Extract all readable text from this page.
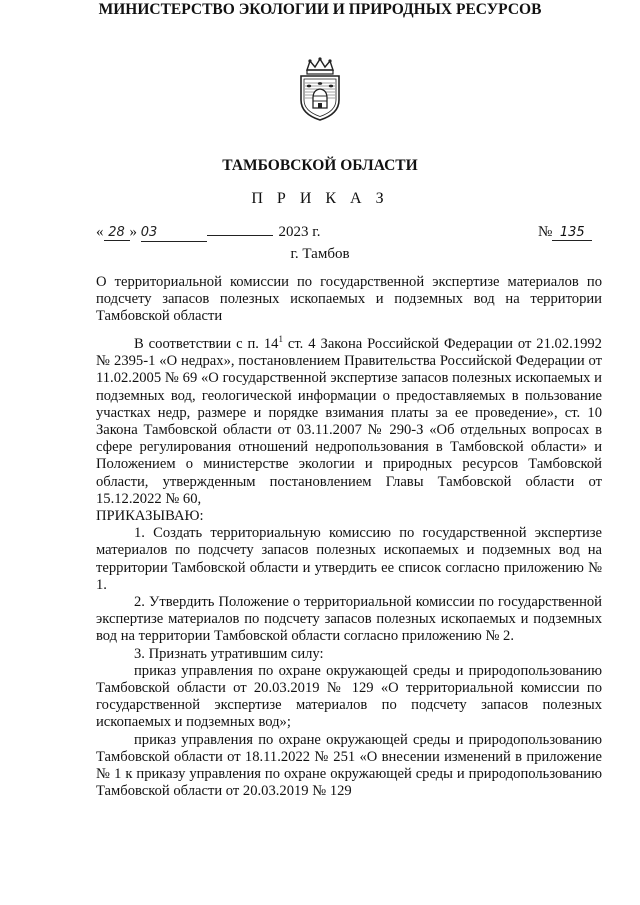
МИНИСТЕРСТВО ЭКОЛОГИИ И ПРИРОДНЫХ РЕСУРСОВ
ТАМБОВСКОЙ ОБЛАСТИ
П Р И К А З
« 28 » 03	2023 г.	№ 135
г. Тамбов
О территориальной комиссии по государственной экспертизе материалов по подсчету запасов полезных ископаемых и подземных вод на территории Тамбовской области

В соответствии с п. $14^1$ ст. 4 Закона Российской Федерации от 21.02.1992 № 2395-1 «О недрах», постановлением Правительства Российской Федерации от 11.02.2005 № 69 «О государственной экспертизе запасов полезных ископаемых и подземных вод, геологической информации о предоставляемых в пользование участках недр, размере и порядке взимания платы за ее проведение», ст. 10 Закона Тамбовской области от 03.11.2007 № 290-З «Об отдельных вопросах в сфере регулирования отношений недропользования в Тамбовской области» и Положением о министерстве экологии и природных ресурсов Тамбовской области, утвержденным постановлением Главы Тамбовской области от 15.12.2022 № 60,

ПРИКАЗЫВАЮ:

1. Создать территориальную комиссию по государственной экспертизе материалов по подсчету запасов полезных ископаемых и подземных вод на территории Тамбовской области и утвердить ее список согласно приложению № 1.

2. Утвердить Положение о территориальной комиссии по государственной экспертизе материалов по подсчету запасов полезных ископаемых и подземных вод на территории Тамбовской области согласно приложению № 2.

3. Признать утратившим силу:

приказ управления по охране окружающей среды и природопользованию Тамбовской области от 20.03.2019 № 129 «О территориальной комиссии по государственной экспертизе материалов по подсчету запасов полезных ископаемых и подземных вод»;

приказ управления по охране окружающей среды и природопользованию Тамбовской области от 18.11.2022 № 251 «О внесении изменений в приложение № 1 к приказу управления по охране окружающей среды и природопользованию Тамбовской области от 20.03.2019 № 129
